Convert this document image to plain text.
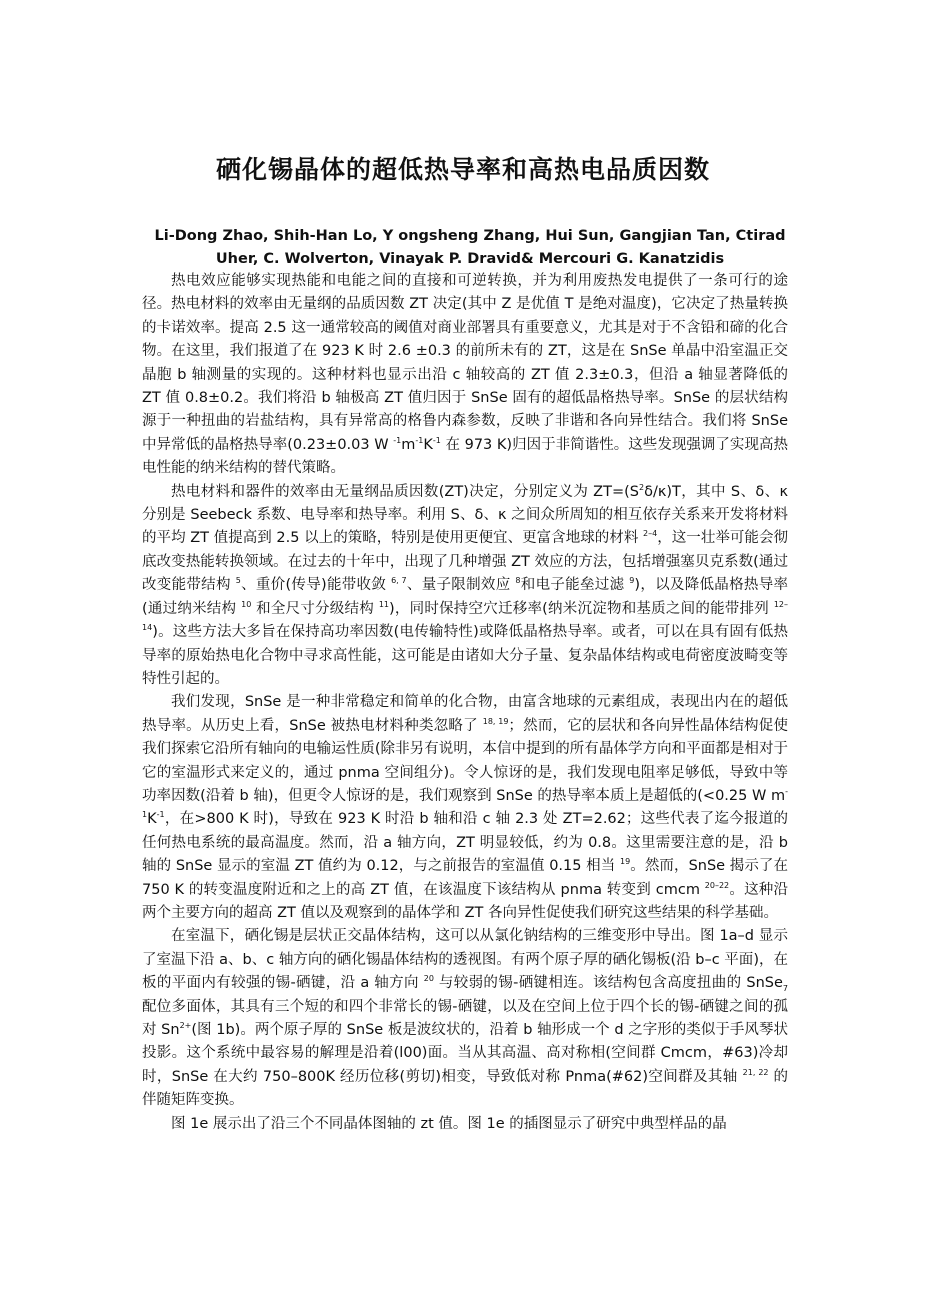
硒化锡晶体的超低热导率和高热电品质因数
Li-Dong Zhao, Shih-Han Lo, Y ongsheng Zhang, Hui Sun, Gangjian Tan, Ctirad
Uher, C. Wolverton, Vinayak P. Dravid& Mercouri G. Kanatzidis

热电效应能够实现热能和电能之间的直接和可逆转换，并为利用废热发电提供了一条可行的途径。热电材料的效率由无量纲的品质因数 ZT 决定(其中 Z 是优值 T 是绝对温度)，它决定了热量转换的卡诺效率。提高 2.5 这一通常较高的阈值对商业部署具有重要意义，尤其是对于不含铅和碲的化合物。在这里，我们报道了在 923 K 时 2.6 ±0.3 的前所未有的 ZT，这是在 SnSe 单晶中沿室温正交晶胞 b 轴测量的实现的。这种材料也显示出沿 c 轴较高的 ZT 值 2.3±0.3，但沿 a 轴显著降低的 ZT 值 0.8±0.2。我们将沿 b 轴极高 ZT 值归因于 SnSe 固有的超低晶格热导率。SnSe 的层状结构源于一种扭曲的岩盐结构，具有异常高的格鲁内森参数，反映了非谐和各向异性结合。我们将 SnSe 中异常低的晶格热导率(0.23±0.03 W $^{-1}m^{-1}K^{-1}$ 在 973 K)归因于非简谐性。这些发现强调了实现高热电性能的纳米结构的替代策略。

热电材料和器件的效率由无量纲品质因数(ZT)决定，分别定义为 $ZT=(S^2\delta/\kappa)T$，其中 S、δ、κ 分别是 Seebeck 系数、电导率和热导率。利用 S、δ、κ 之间众所周知的相互依存关系来开发将材料的平均 ZT 值提高到 2.5 以上的策略，特别是使用更便宜、更富含地球的材料 $^{2-4}$，这一壮举可能会彻底改变热能转换领域。在过去的十年中，出现了几种增强 ZT 效应的方法，包括增强塞贝克系数(通过改变能带结构 $^5$、重价(传导)能带收敛 $^{6, 7}$、量子限制效应 $^8$和电子能垒过滤 $^9$)，以及降低晶格热导率(通过纳米结构 $^{10}$ 和全尺寸分级结构 $^{11}$)，同时保持空穴迁移率(纳米沉淀物和基质之间的能带排列 $^{12-14}$)。这些方法大多旨在保持高功率因数(电传输特性)或降低晶格热导率。或者，可以在具有固有低热导率的原始热电化合物中寻求高性能，这可能是由诸如大分子量、复杂晶体结构或电荷密度波畸变等特性引起的。

我们发现，SnSe 是一种非常稳定和简单的化合物，由富含地球的元素组成，表现出内在的超低热导率。从历史上看，SnSe 被热电材料种类忽略了 $^{18, 19}$；然而，它的层状和各向异性晶体结构促使我们探索它沿所有轴向的电输运性质(除非另有说明，本信中提到的所有晶体学方向和平面都是相对于它的室温形式来定义的，通过 pnma 空间组分)。令人惊讶的是，我们发现电阻率足够低，导致中等功率因数(沿着 b 轴)，但更令人惊讶的是，我们观察到 SnSe 的热导率本质上是超低的(<0.25 W $m^{-1}K^{-1}$，在>800 K 时)，导致在 923 K 时沿 b 轴和沿 c 轴 2.3 处 ZT=2.62；这些代表了迄今报道的任何热电系统的最高温度。然而，沿 a 轴方向，ZT 明显较低，约为 0.8。这里需要注意的是，沿 b 轴的 SnSe 显示的室温 ZT 值约为 0.12，与之前报告的室温值 0.15 相当 $^{19}$。然而，SnSe 揭示了在 750 K 的转变温度附近和之上的高 ZT 值，在该温度下该结构从 pnma 转变到 cmcm $^{20-22}$。这种沿两个主要方向的超高 ZT 值以及观察到的晶体学和 ZT 各向异性促使我们研究这些结果的科学基础。

在室温下，硒化锡是层状正交晶体结构，这可以从氯化钠结构的三维变形中导出。图 1a–d 显示了室温下沿 a、b、c 轴方向的硒化锡晶体结构的透视图。有两个原子厚的硒化锡板(沿 b–c 平面)，在板的平面内有较强的锡-硒键，沿 a 轴方向 $^{20}$ 与较弱的锡-硒键相连。该结构包含高度扭曲的 SnSe$_7$ 配位多面体，其具有三个短的和四个非常长的锡-硒键，以及在空间上位于四个长的锡-硒键之间的孤对 $Sn^{2+}$(图 1b)。两个原子厚的 SnSe 板是波纹状的，沿着 b 轴形成一个 d 之字形的类似于手风琴状投影。这个系统中最容易的解理是沿着(l00)面。当从其高温、高对称相(空间群 Cmcm，#63)冷却时，SnSe 在大约 750–800K 经历位移(剪切)相变，导致低对称 Pnma(#62)空间群及其轴 $^{21, 22}$ 的伴随矩阵变换。

图 1e 展示出了沿三个不同晶体图轴的 zt 值。图 1e 的插图显示了研究中典型样品的晶
